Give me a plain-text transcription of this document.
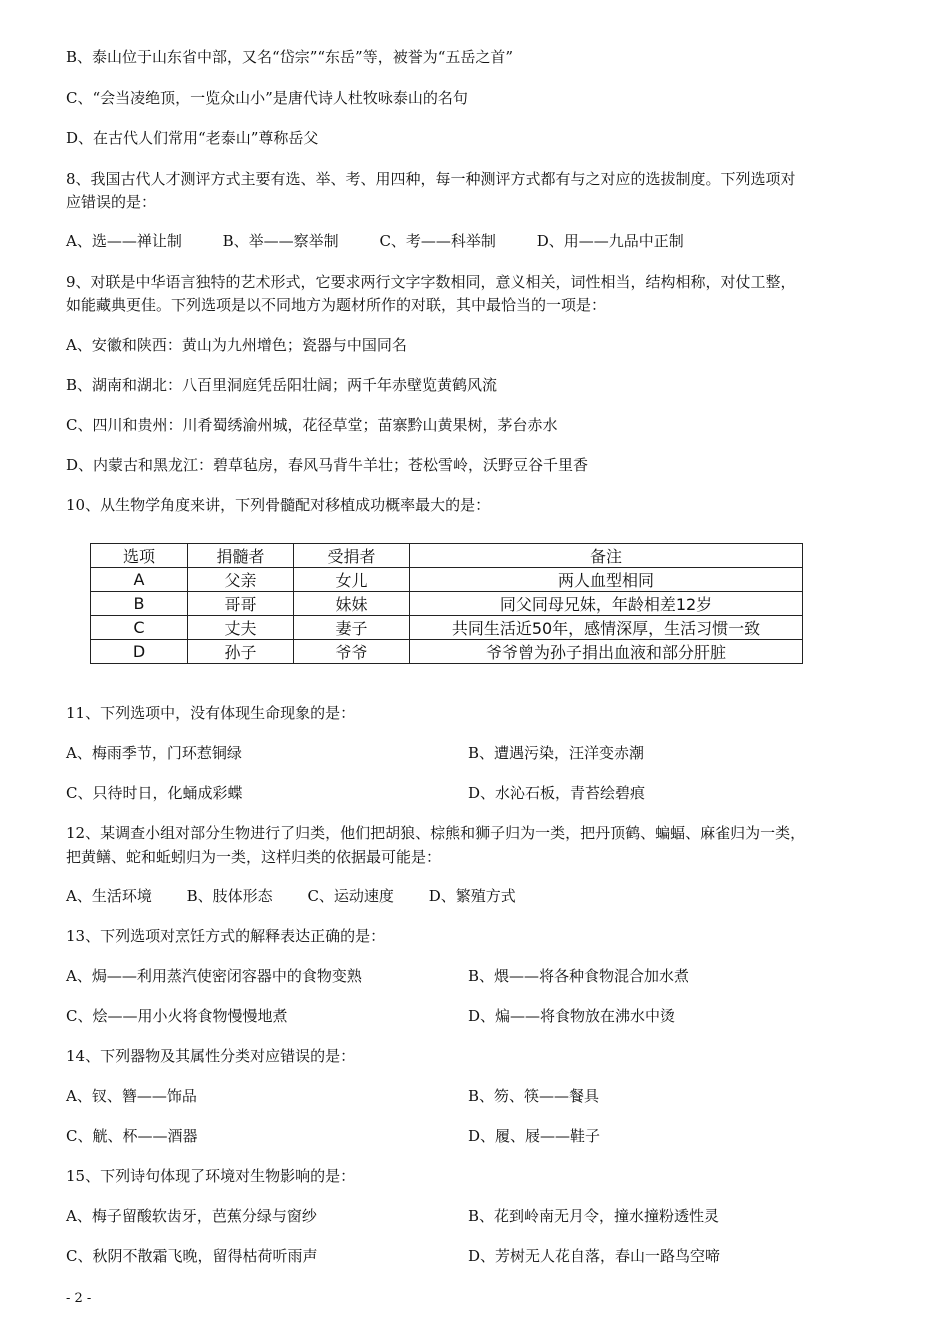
B、泰山位于山东省中部，又名“岱宗”“东岳”等，被誉为“五岳之首”
C、“会当凌绝顶，一览众山小”是唐代诗人杜牧咏泰山的名句
D、在古代人们常用“老泰山”尊称岳父
8、我国古代人才测评方式主要有选、举、考、用四种，每一种测评方式都有与之对应的选拔制度。下列选项对
应错误的是：
A、选——禅让制	B、举——察举制	C、考——科举制	D、用——九品中正制
9、对联是中华语言独特的艺术形式，它要求两行文字字数相同，意义相关，词性相当，结构相称，对仗工整，
如能藏典更佳。下列选项是以不同地方为题材所作的对联，其中最恰当的一项是：
A、安徽和陕西：黄山为九州增色；瓷器与中国同名
B、湖南和湖北：八百里洞庭凭岳阳壮阔；两千年赤壁览黄鹤风流
C、四川和贵州：川肴蜀绣渝州城，花径草堂；苗寨黔山黄果树，茅台赤水
D、内蒙古和黑龙江：碧草毡房，春风马背牛羊壮；苍松雪岭，沃野豆谷千里香
10、从生物学角度来讲，下列骨髓配对移植成功概率最大的是：
选项	捐髓者	受捐者	备注
A	父亲	女儿	两人血型相同
B	哥哥	妹妹	同父同母兄妹，年龄相差12岁
C	丈夫	妻子	共同生活近50年，感情深厚，生活习惯一致
D	孙子	爷爷	爷爷曾为孙子捐出血液和部分肝脏
11、下列选项中，没有体现生命现象的是：
A、梅雨季节，门环惹铜绿	B、遭遇污染，汪洋变赤潮
C、只待时日，化蛹成彩蝶	D、水沁石板，青苔绘碧痕
12、某调查小组对部分生物进行了归类，他们把胡狼、棕熊和狮子归为一类，把丹顶鹤、蝙蝠、麻雀归为一类，
把黄鳝、蛇和蚯蚓归为一类，这样归类的依据最可能是：
A、生活环境 B、肢体形态 C、运动速度 D、繁殖方式
13、下列选项对烹饪方式的解释表达正确的是：
A、焗——利用蒸汽使密闭容器中的食物变熟	B、煨——将各种食物混合加水煮
C、烩——用小火将食物慢慢地煮	D、煸——将食物放在沸水中烫
14、下列器物及其属性分类对应错误的是：
A、钗、簪——饰品	B、笏、筷——餐具
C、觥、杯——酒器	D、履、屐——鞋子
15、下列诗句体现了环境对生物影响的是：
A、梅子留酸软齿牙，芭蕉分绿与窗纱	B、花到岭南无月令，撞水撞粉透性灵
C、秋阴不散霜飞晚，留得枯荷听雨声	D、芳树无人花自落，春山一路鸟空啼
- 2 -
